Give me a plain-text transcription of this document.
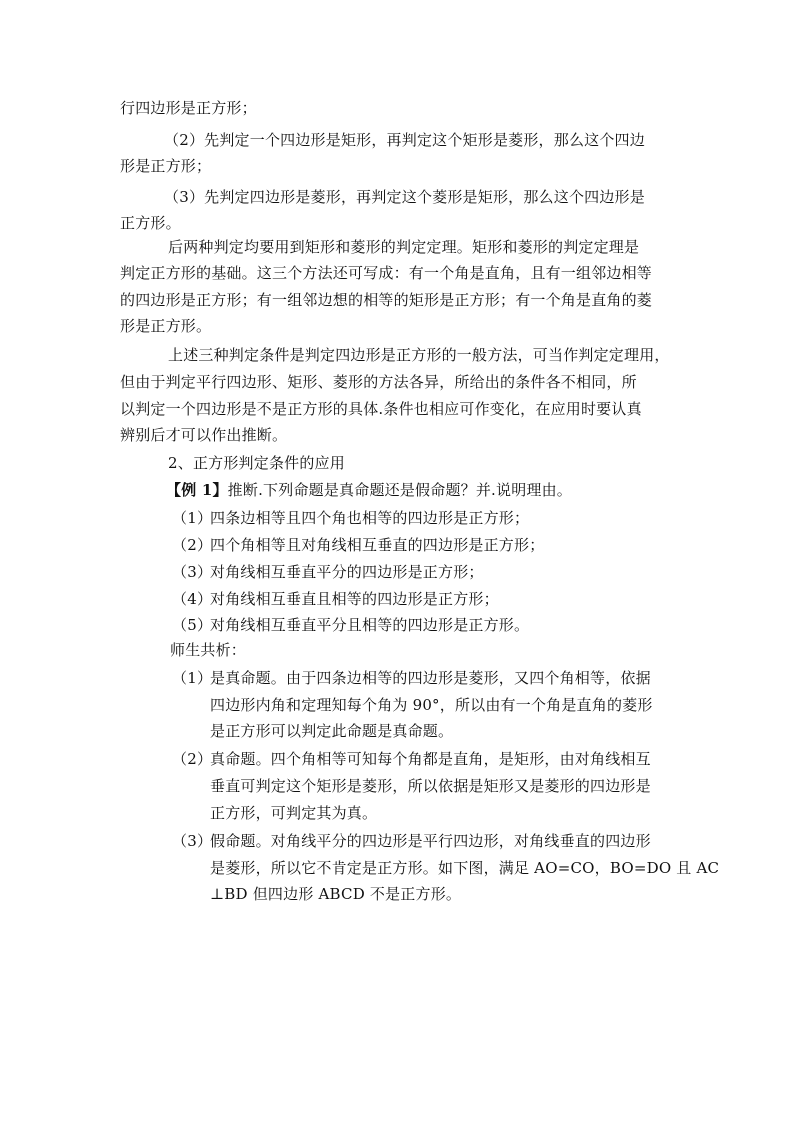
行四边形是正方形；
（2）先判定一个四边形是矩形，再判定这个矩形是菱形，那么这个四边
形是正方形；
（3）先判定四边形是菱形，再判定这个菱形是矩形，那么这个四边形是
正方形。
后两种判定均要用到矩形和菱形的判定定理。矩形和菱形的判定定理是
判定正方形的基础。这三个方法还可写成：有一个角是直角，且有一组邻边相等
的四边形是正方形；有一组邻边想的相等的矩形是正方形；有一个角是直角的菱
形是正方形。
上述三种判定条件是判定四边形是正方形的一般方法，可当作判定定理用，
但由于判定平行四边形、矩形、菱形的方法各异，所给出的条件各不相同，所
以判定一个四边形是不是正方形的具体.条件也相应可作变化，在应用时要认真
辨别后才可以作出推断。
2、正方形判定条件的应用
【例 1】推断.下列命题是真命题还是假命题？并.说明理由。
（1）
四条边相等且四个角也相等的四边形是正方形；
（2）
四个角相等且对角线相互垂直的四边形是正方形；
（3）
对角线相互垂直平分的四边形是正方形；
（4）
对角线相互垂直且相等的四边形是正方形；
（5）
对角线相互垂直平分且相等的四边形是正方形。
师生共析：
（1）
是真命题。由于四条边相等的四边形是菱形，又四个角相等，依据
四边形内角和定理知每个角为 90°，所以由有一个角是直角的菱形
是正方形可以判定此命题是真命题。
（2）
真命题。四个角相等可知每个角都是直角，是矩形，由对角线相互
垂直可判定这个矩形是菱形，所以依据是矩形又是菱形的四边形是
正方形，可判定其为真。
（3）
假命题。对角线平分的四边形是平行四边形，对角线垂直的四边形
是菱形，所以它不肯定是正方形。如下图，满足 AO=CO，BO=DO 且 AC
⊥BD 但四边形 ABCD 不是正方形。
